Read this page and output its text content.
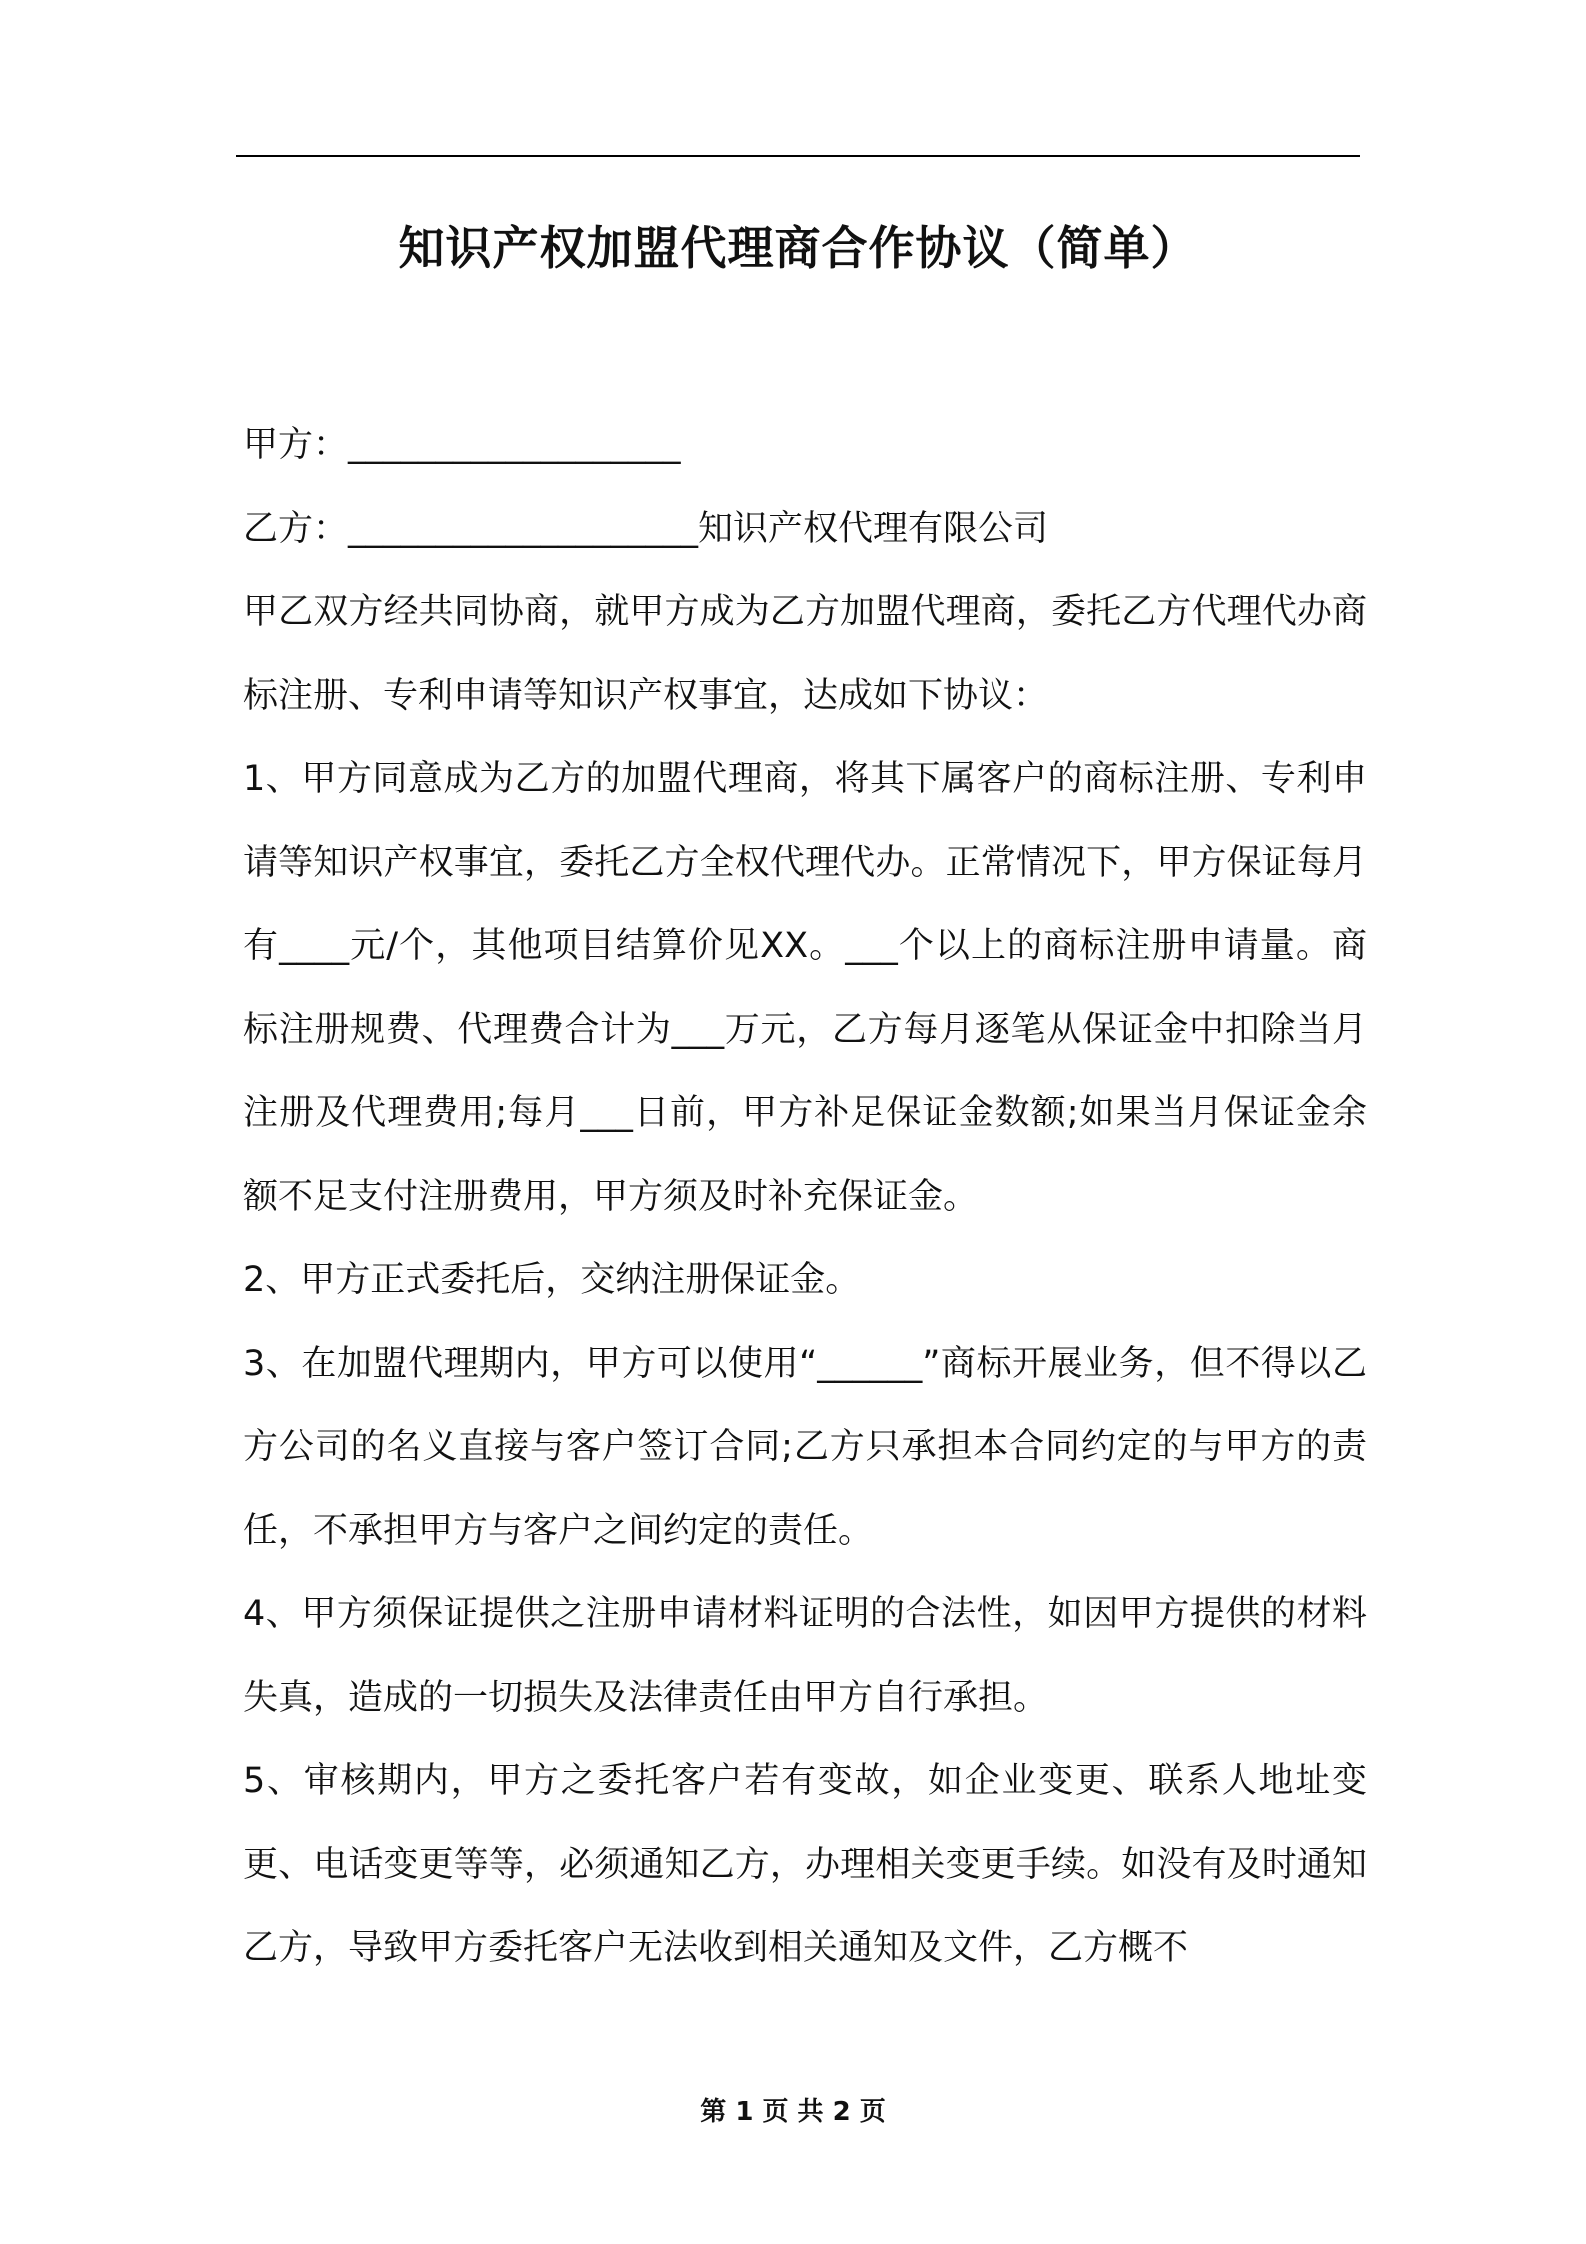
知识产权加盟代理商合作协议（简单）

甲方：___________________

乙方：____________________知识产权代理有限公司

甲乙双方经共同协商，就甲方成为乙方加盟代理商，委托乙方代理代办商标注册、专利申请等知识产权事宜，达成如下协议：

1、甲方同意成为乙方的加盟代理商，将其下属客户的商标注册、专利申请等知识产权事宜，委托乙方全权代理代办。正常情况下，甲方保证每月有____元/个，其他项目结算价见XX。___个以上的商标注册申请量。商标注册规费、代理费合计为___万元，乙方每月逐笔从保证金中扣除当月注册及代理费用;每月___日前，甲方补足保证金数额;如果当月保证金余额不足支付注册费用，甲方须及时补充保证金。

2、甲方正式委托后，交纳注册保证金。

3、在加盟代理期内，甲方可以使用“______”商标开展业务，但不得以乙方公司的名义直接与客户签订合同;乙方只承担本合同约定的与甲方的责任，不承担甲方与客户之间约定的责任。

4、甲方须保证提供之注册申请材料证明的合法性，如因甲方提供的材料失真，造成的一切损失及法律责任由甲方自行承担。

5、审核期内，甲方之委托客户若有变故，如企业变更、联系人地址变更、电话变更等等，必须通知乙方，办理相关变更手续。如没有及时通知乙方，导致甲方委托客户无法收到相关通知及文件，乙方概不

第 1 页 共 2 页
